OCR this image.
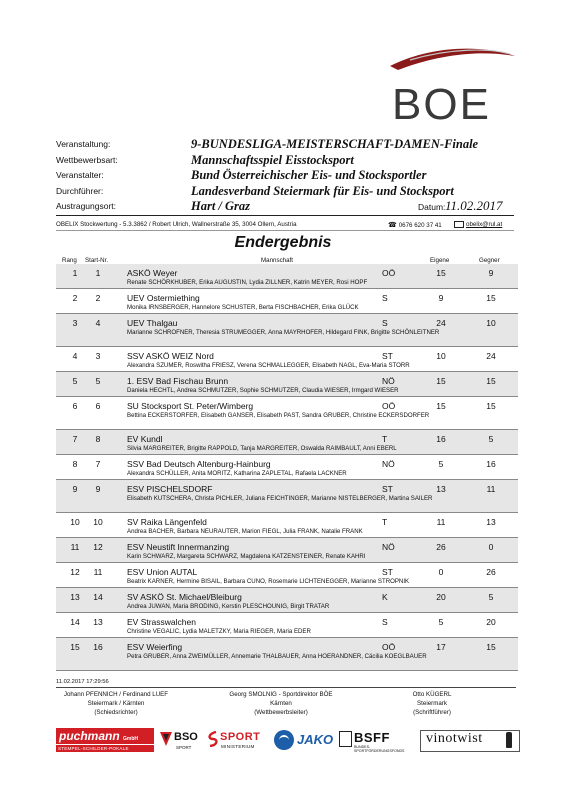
BOE
Veranstaltung:	9-BUNDESLIGA-MEISTERSCHAFT-DAMEN-Finale
Wettbewerbsart:	Mannschaftsspiel Eisstocksport
Veranstalter:	Bund Österreichischer Eis- und Stocksportler
Durchführer:	Landesverband Steiermark für Eis- und Stocksport
Austragungsort:	Hart / Graz	Datum: 11.02.2017
OBELIX Stockwertung - 5.3.3862 / Robert Ulrich, Wallnerstraße 35, 3004 Ollern, Austria	☎ 0676 620 37 41	obelix@rul.at
Endergebnis
Rang Start-Nr.	Mannschaft	Eigene	Gegner
1	1	ASKÖ Weyer	OÖ	15	9
Renate SCHÖRKHUBER, Erika AUGUSTIN, Lydia ZILLNER, Katrin MEYER, Rosi HOPF
2	2	UEV Ostermiething	S	9	15
Monika IRNSBERGER, Hannelore SCHUSTER, Berta FISCHBACHER, Erika GLÜCK
3	4	UEV Thalgau	S	24	10
Marianne SCHROFNER, Theresia STRUMEGGER, Anna MAYRHOFER, Hildegard FINK, Brigitte SCHÖNLEITNER
4	3	SSV ASKÖ WEIZ Nord	ST	10	24
Alexandra SZUMER, Roswitha FRIESZ, Verena SCHMALLEGGER, Elisabeth NAGL, Eva-Maria STORR
5	5	1. ESV Bad Fischau Brunn	NÖ	15	15
Daniela HECHTL, Andrea SCHMUTZER, Sophie SCHMUTZER, Claudia WIESER, Irmgard WIESER
6	6	SU Stocksport St. Peter/Wimberg	OÖ	15	15
Bettina ECKERSTORFER, Elisabeth GANSER, Elisabeth PAST, Sandra GRUBER, Christine ECKERSDORFER
7	8	EV Kundl	T	16	5
Silvia MARGREITER, Brigitte RAPPOLD, Tanja MARGREITER, Oswalda RAIMBAULT, Anni EBERL
8	7	SSV Bad Deutsch Altenburg-Hainburg	NÖ	5	16
Alexandra SCHÜLLER, Anita MORITZ, Katharina ZAPLETAL, Rafaela LACKNER
9	9	ESV PISCHELSDORF	ST	13	11
Elisabeth KUTSCHERA, Christa PICHLER, Juliana FEICHTINGER, Marianne NISTELBERGER, Martina SAILER
10 10	SV Raika Längenfeld	T	11	13
Andrea BACHER, Barbara NEURAUTER, Marion FIEGL, Julia FRANK, Natalie FRANK
11 12	ESV Neustift Innermanzing	NÖ	26	0
Karin SCHWARZ, Margareta SCHWARZ, Magdalena KATZENSTEINER, Renate KAHRI
12 11	ESV Union AUTAL	ST	0	26
Beatrix KARNER, Hermine BISAIL, Barbara CUNO, Rosemarie LICHTENEGGER, Marianne STROPNIK
13 14	SV ASKÖ St. Michael/Bleiburg	K	20	5
Andrea JUWAN, Maria BRODING, Kerstin PLESCHOUNIG, Birgit TRATAR
14 13	EV Strasswalchen	S	5	20
Christine VEGALIC, Lydia MALETZKY, Maria RIEGER, Maria EDER
15 16	ESV Weierfing	OÖ	17	15
Petra GRUBER, Anna ZWEIMÜLLER, Annemarie THALBAUER, Anna HOERANDNER, Cäcilia KOEGLBAUER
11.02.2017 17:29:56
Johann PFENNICH / Ferdinand LUEF
Steiermark / Kärnten
(Schiedsrichter)
Georg SMOLNIG - Sportdirektor BÖE
Kärnten
(Wettbewerbsleiter)
Otto KÜGERL
Steiermark
(Schriftführer)
puchmann GmbH
STEMPEL-SCHILDER-POKALE
BSO
SPORT
SPORT
MINISTERIUM	JAKO BSFF
BUNDES-SPORTFÖRDERUNGSFONDS
vinotwist
